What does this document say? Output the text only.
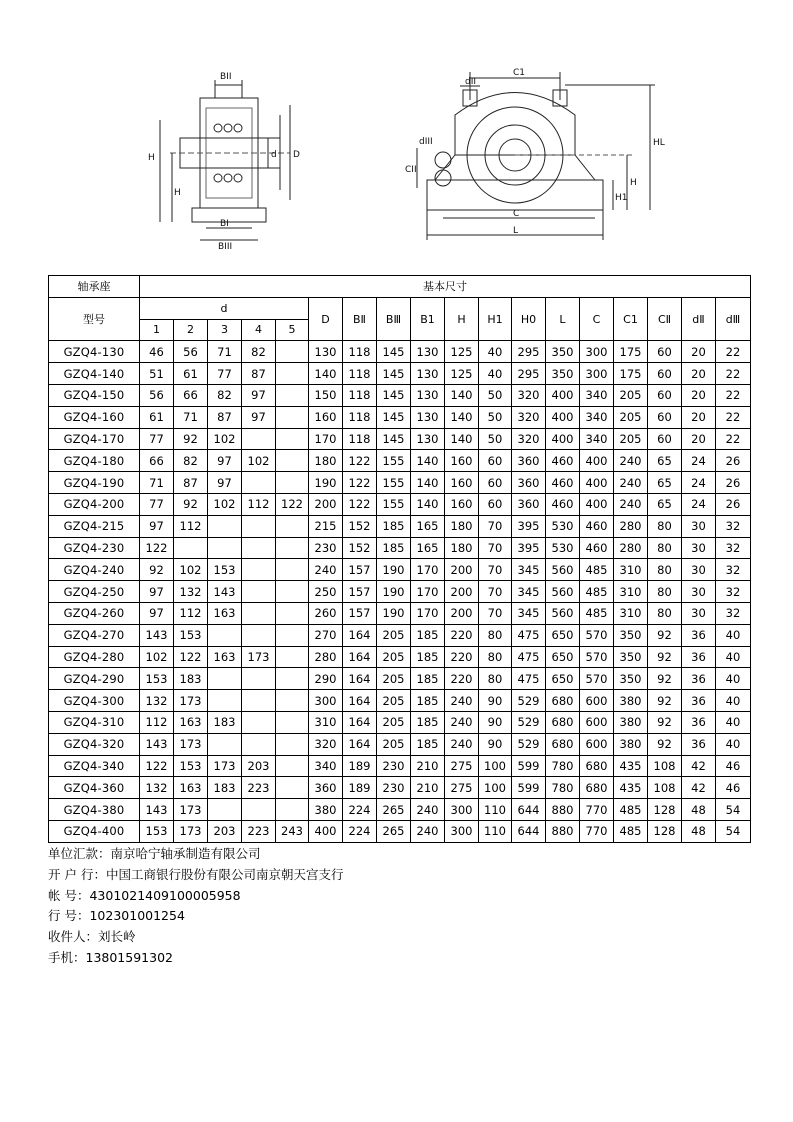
BII
H	d D
H
BI
BIII
dII
C1
dIII
CII
C
L
H1
H
HL
轴承座	基本尺寸																	
型号	d					D	BⅡ	BⅢ	B1	H	H1	H0	L	C	C1	CⅡ	dⅡ	dⅢ
	1	2	3	4	5													
GZQ4-130	46	56	71	82		130	118	145	130	125	40	295	350	300	175	60	20	22
GZQ4-140	51	61	77	87		140	118	145	130	125	40	295	350	300	175	60	20	22
GZQ4-150	56	66	82	97		150	118	145	130	140	50	320	400	340	205	60	20	22
GZQ4-160	61	71	87	97		160	118	145	130	140	50	320	400	340	205	60	20	22
GZQ4-170	77	92	102			170	118	145	130	140	50	320	400	340	205	60	20	22
GZQ4-180	66	82	97	102		180	122	155	140	160	60	360	460	400	240	65	24	26
GZQ4-190	71	87	97			190	122	155	140	160	60	360	460	400	240	65	24	26
GZQ4-200	77	92	102	112	122	200	122	155	140	160	60	360	460	400	240	65	24	26
GZQ4-215	97	112				215	152	185	165	180	70	395	530	460	280	80	30	32
GZQ4-230	122					230	152	185	165	180	70	395	530	460	280	80	30	32
GZQ4-240	92	102	153			240	157	190	170	200	70	345	560	485	310	80	30	32
GZQ4-250	97	132	143			250	157	190	170	200	70	345	560	485	310	80	30	32
GZQ4-260	97	112	163			260	157	190	170	200	70	345	560	485	310	80	30	32
GZQ4-270	143	153				270	164	205	185	220	80	475	650	570	350	92	36	40
GZQ4-280	102	122	163	173		280	164	205	185	220	80	475	650	570	350	92	36	40
GZQ4-290	153	183				290	164	205	185	220	80	475	650	570	350	92	36	40
GZQ4-300	132	173				300	164	205	185	240	90	529	680	600	380	92	36	40
GZQ4-310	112	163	183			310	164	205	185	240	90	529	680	600	380	92	36	40
GZQ4-320	143	173				320	164	205	185	240	90	529	680	600	380	92	36	40
GZQ4-340	122	153	173	203		340	189	230	210	275	100	599	780	680	435	108	42	46
GZQ4-360	132	163	183	223		360	189	230	210	275	100	599	780	680	435	108	42	46
GZQ4-380	143	173				380	224	265	240	300	110	644	880	770	485	128	48	54
GZQ4-400	153	173	203	223	243	400	224	265	240	300	110	644	880	770	485	128	48	54
单位汇款：南京哈宁轴承制造有限公司
开 户 行：中国工商银行股份有限公司南京朝天宫支行
帐 号：4301021409100005958
行 号：102301001254
收件人：刘长岭
手机：13801591302
